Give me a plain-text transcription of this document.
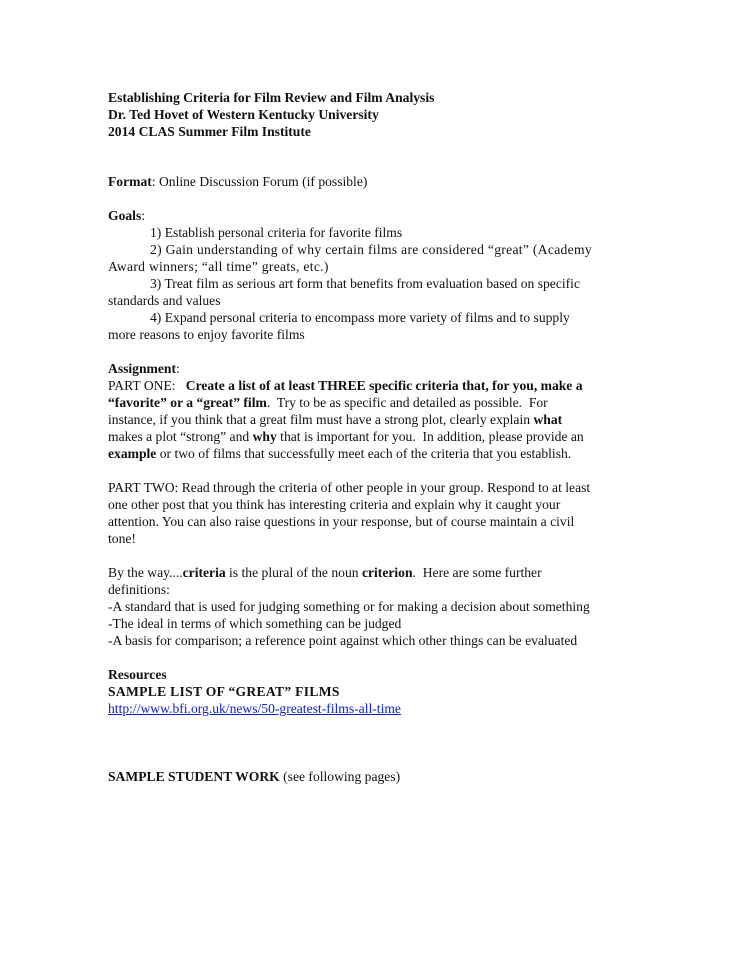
Establishing Criteria for Film Review and Film Analysis
Dr. Ted Hovet of Western Kentucky University
2014 CLAS Summer Film Institute
Format: Online Discussion Forum (if possible)
Goals:
1) Establish personal criteria for favorite films
2) Gain understanding of why certain films are considered “great” (Academy
Award winners; “all time” greats, etc.)
3) Treat film as serious art form that benefits from evaluation based on specific
standards and values
4) Expand personal criteria to encompass more variety of films and to supply
more reasons to enjoy favorite films
Assignment:
PART ONE:   Create a list of at least THREE specific criteria that, for you, make a
“favorite” or a “great” film.  Try to be as specific and detailed as possible.  For
instance, if you think that a great film must have a strong plot, clearly explain what
makes a plot “strong” and why that is important for you.  In addition, please provide an
example or two of films that successfully meet each of the criteria that you establish.
PART TWO: Read through the criteria of other people in your group. Respond to at least
one other post that you think has interesting criteria and explain why it caught your
attention. You can also raise questions in your response, but of course maintain a civil
tone!
By the way....criteria is the plural of the noun criterion.  Here are some further
definitions:
-A standard that is used for judging something or for making a decision about something
-The ideal in terms of which something can be judged
-A basis for comparison; a reference point against which other things can be evaluated
Resources
SAMPLE LIST OF “GREAT” FILMS
http://www.bfi.org.uk/news/50-greatest-films-all-time
SAMPLE STUDENT WORK (see following pages)
